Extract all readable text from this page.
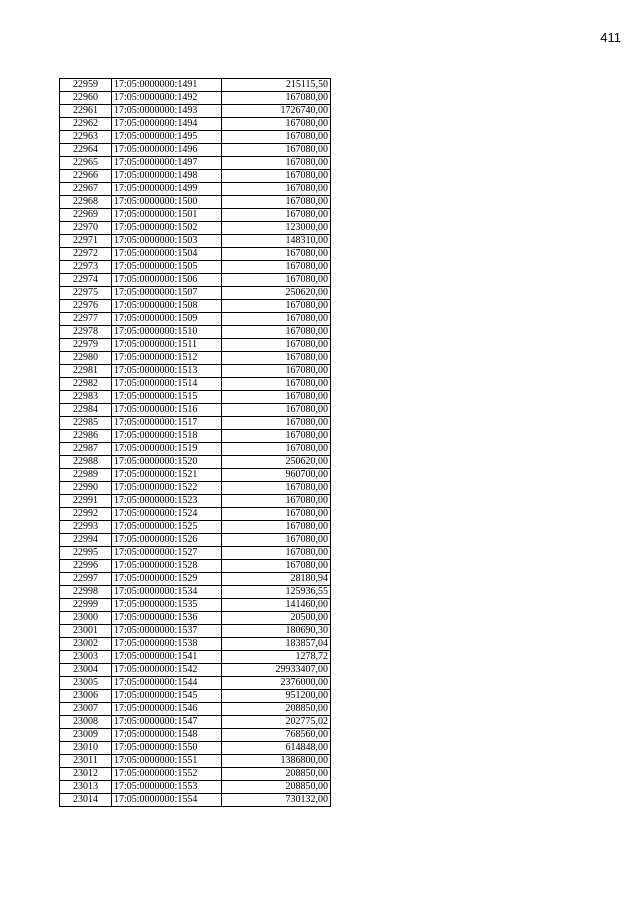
411
22959	17:05:0000000:1491	215115,50
22960	17:05:0000000:1492	167080,00
22961	17:05:0000000:1493	1726740,00
22962	17:05:0000000:1494	167080,00
22963	17:05:0000000:1495	167080,00
22964	17:05:0000000:1496	167080,00
22965	17:05:0000000:1497	167080,00
22966	17:05:0000000:1498	167080,00
22967	17:05:0000000:1499	167080,00
22968	17:05:0000000:1500	167080,00
22969	17:05:0000000:1501	167080,00
22970	17:05:0000000:1502	123000,00
22971	17:05:0000000:1503	148310,00
22972	17:05:0000000:1504	167080,00
22973	17:05:0000000:1505	167080,00
22974	17:05:0000000:1506	167080,00
22975	17:05:0000000:1507	250620,00
22976	17:05:0000000:1508	167080,00
22977	17:05:0000000:1509	167080,00
22978	17:05:0000000:1510	167080,00
22979	17:05:0000000:1511	167080,00
22980	17:05:0000000:1512	167080,00
22981	17:05:0000000:1513	167080,00
22982	17:05:0000000:1514	167080,00
22983	17:05:0000000:1515	167080,00
22984	17:05:0000000:1516	167080,00
22985	17:05:0000000:1517	167080,00
22986	17:05:0000000:1518	167080,00
22987	17:05:0000000:1519	167080,00
22988	17:05:0000000:1520	250620,00
22989	17:05:0000000:1521	960700,00
22990	17:05:0000000:1522	167080,00
22991	17:05:0000000:1523	167080,00
22992	17:05:0000000:1524	167080,00
22993	17:05:0000000:1525	167080,00
22994	17:05:0000000:1526	167080,00
22995	17:05:0000000:1527	167080,00
22996	17:05:0000000:1528	167080,00
22997	17:05:0000000:1529	28180,94
22998	17:05:0000000:1534	125936,55
22999	17:05:0000000:1535	141460,00
23000	17:05:0000000:1536	20500,00
23001	17:05:0000000:1537	180690,30
23002	17:05:0000000:1538	183857,04
23003	17:05:0000000:1541	1278,72
23004	17:05:0000000:1542	29933407,00
23005	17:05:0000000:1544	2376000,00
23006	17:05:0000000:1545	951200,00
23007	17:05:0000000:1546	208850,00
23008	17:05:0000000:1547	202775,02
23009	17:05:0000000:1548	768560,00
23010	17:05:0000000:1550	614848,00
23011	17:05:0000000:1551	1386800,00
23012	17:05:0000000:1552	208850,00
23013	17:05:0000000:1553	208850,00
23014	17:05:0000000:1554	730132,00
